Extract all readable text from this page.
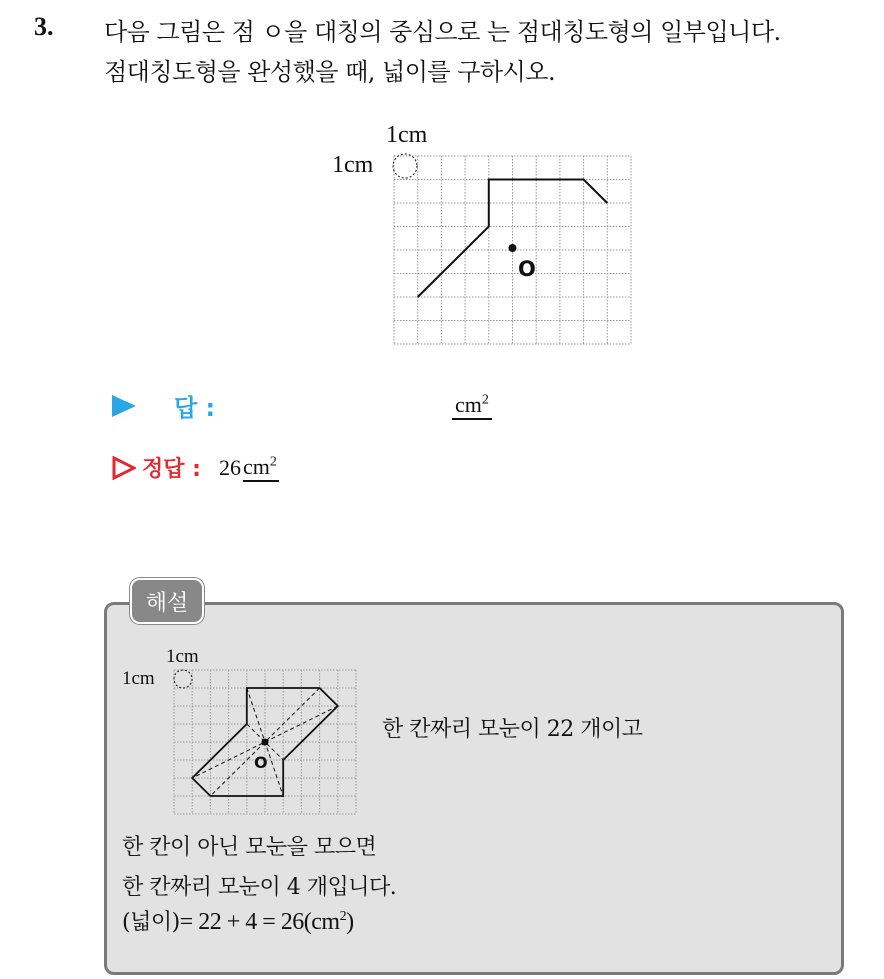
3. 다음 그림은 점 ㅇ을 대칭의 중심으로 는 점대칭도형의 일부입니다.
점대칭도형을 완성했을 때, 넓이를 구하시오.
1cm
1cm
O
답 :	$cm^2$
정답 : 26 $cm^2$
해설
1cm
1cm
O
한 칸짜리 모눈이 22 개이고
한 칸이 아닌 모눈을 모으면
한 칸짜리 모눈이 4 개입니다.
(넓이)= $22 + 4 = 26(cm^2)$
